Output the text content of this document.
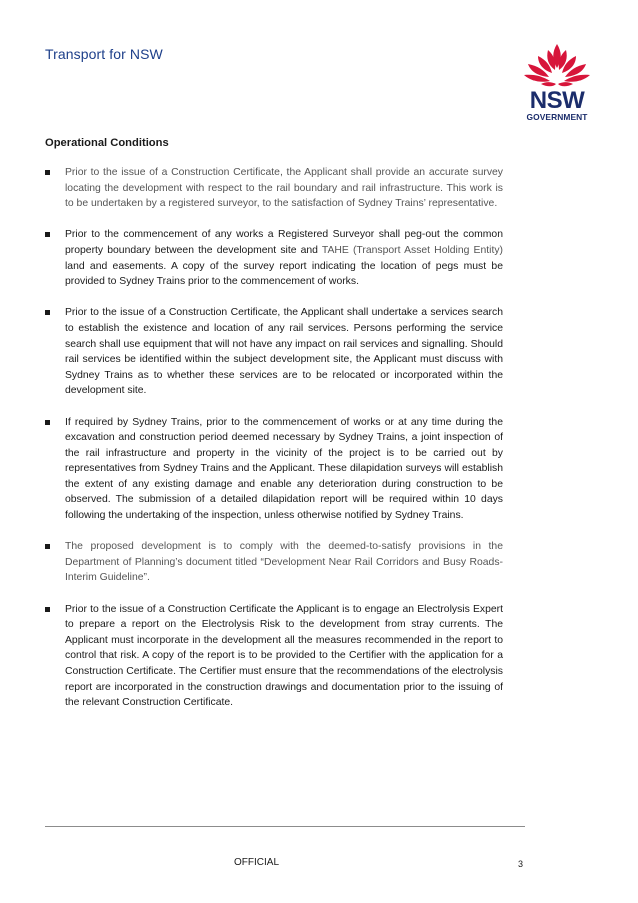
Transport for NSW
NSW
GOVERNMENT
Operational Conditions
Prior to the issue of a Construction Certificate, the Applicant shall provide an accurate survey locating the development with respect to the rail boundary and rail infrastructure. This work is to be undertaken by a registered surveyor, to the satisfaction of Sydney Trains’ representative.
Prior to the commencement of any works a Registered Surveyor shall peg-out the common property boundary between the development site and TAHE (Transport Asset Holding Entity) land and easements. A copy of the survey report indicating the location of pegs must be provided to Sydney Trains prior to the commencement of works.
Prior to the issue of a Construction Certificate, the Applicant shall undertake a services search to establish the existence and location of any rail services. Persons performing the service search shall use equipment that will not have any impact on rail services and signalling. Should rail services be identified within the subject development site, the Applicant must discuss with Sydney Trains as to whether these services are to be relocated or incorporated within the development site.
If required by Sydney Trains, prior to the commencement of works or at any time during the excavation and construction period deemed necessary by Sydney Trains, a joint inspection of the rail infrastructure and property in the vicinity of the project is to be carried out by representatives from Sydney Trains and the Applicant. These dilapidation surveys will establish the extent of any existing damage and enable any deterioration during construction to be observed. The submission of a detailed dilapidation report will be required within 10 days following the undertaking of the inspection, unless otherwise notified by Sydney Trains.
The proposed development is to comply with the deemed-to-satisfy provisions in the Department of Planning’s document titled “Development Near Rail Corridors and Busy Roads- Interim Guideline”.
Prior to the issue of a Construction Certificate the Applicant is to engage an Electrolysis Expert to prepare a report on the Electrolysis Risk to the development from stray currents. The Applicant must incorporate in the development all the measures recommended in the report to control that risk. A copy of the report is to be provided to the Certifier with the application for a Construction Certificate. The Certifier must ensure that the recommendations of the electrolysis report are incorporated in the construction drawings and documentation prior to the issuing of the relevant Construction Certificate.
OFFICIAL	3
